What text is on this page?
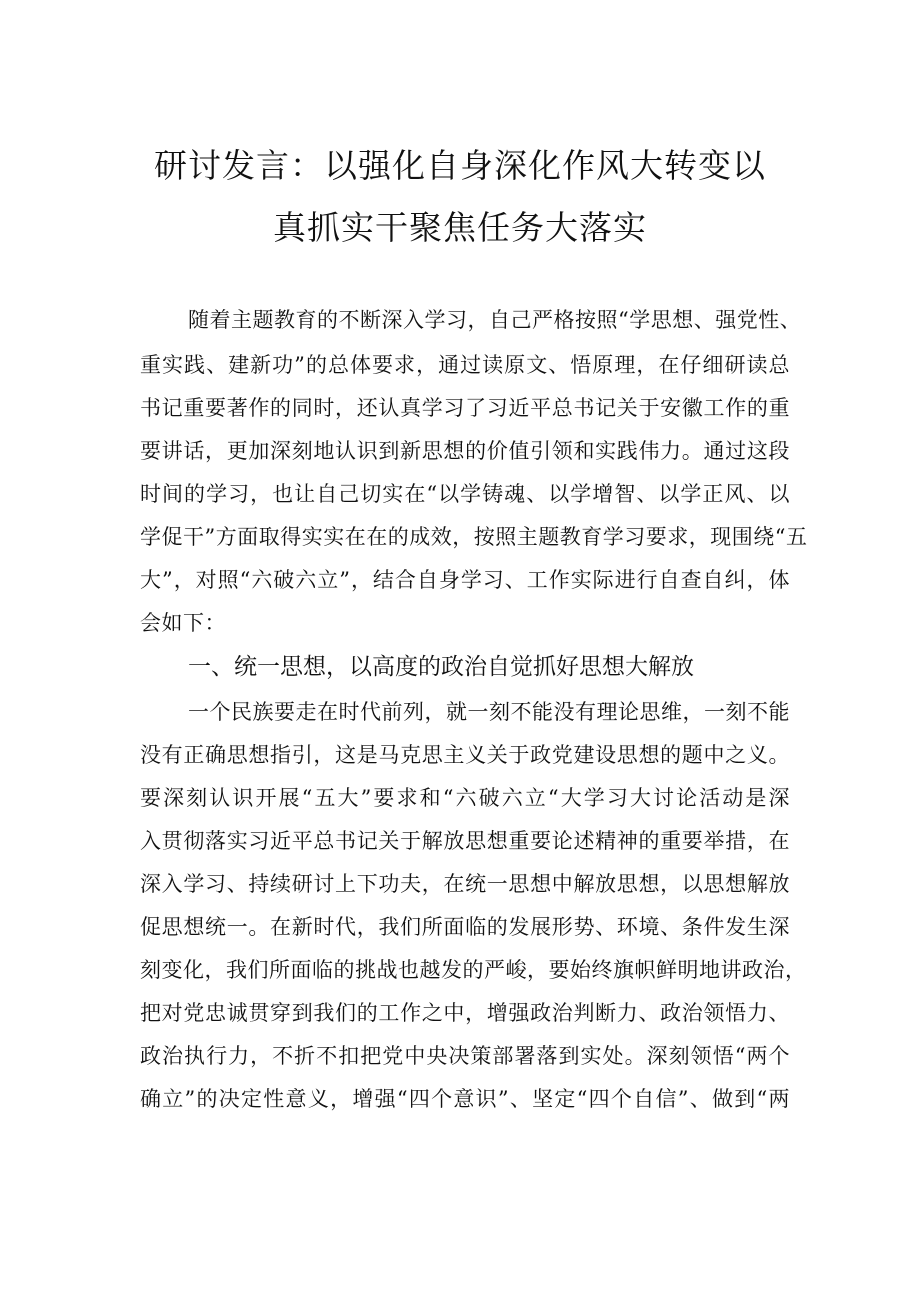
研讨发言：以强化自身深化作风大转变以
真抓实干聚焦任务大落实
随着主题教育的不断深入学习，自己严格按照“学思想、强党性、
重实践、建新功”的总体要求，通过读原文、悟原理，在仔细研读总
书记重要著作的同时，还认真学习了习近平总书记关于安徽工作的重
要讲话，更加深刻地认识到新思想的价值引领和实践伟力。通过这段
时间的学习，也让自己切实在“以学铸魂、以学增智、以学正风、以
学促干”方面取得实实在在的成效，按照主题教育学习要求，现围绕“五
大”，对照“六破六立”，结合自身学习、工作实际进行自查自纠，体
会如下：
一、统一思想，以高度的政治自觉抓好思想大解放
一个民族要走在时代前列，就一刻不能没有理论思维，一刻不能
没有正确思想指引，这是马克思主义关于政党建设思想的题中之义。
要深刻认识开展“五大”要求和“六破六立“大学习大讨论活动是深
入贯彻落实习近平总书记关于解放思想重要论述精神的重要举措，在
深入学习、持续研讨上下功夫，在统一思想中解放思想，以思想解放
促思想统一。在新时代，我们所面临的发展形势、环境、条件发生深
刻变化，我们所面临的挑战也越发的严峻，要始终旗帜鲜明地讲政治，
把对党忠诚贯穿到我们的工作之中，增强政治判断力、政治领悟力、
政治执行力，不折不扣把党中央决策部署落到实处。深刻领悟“两个
确立”的决定性意义，增强“四个意识”、坚定“四个自信”、做到“两
